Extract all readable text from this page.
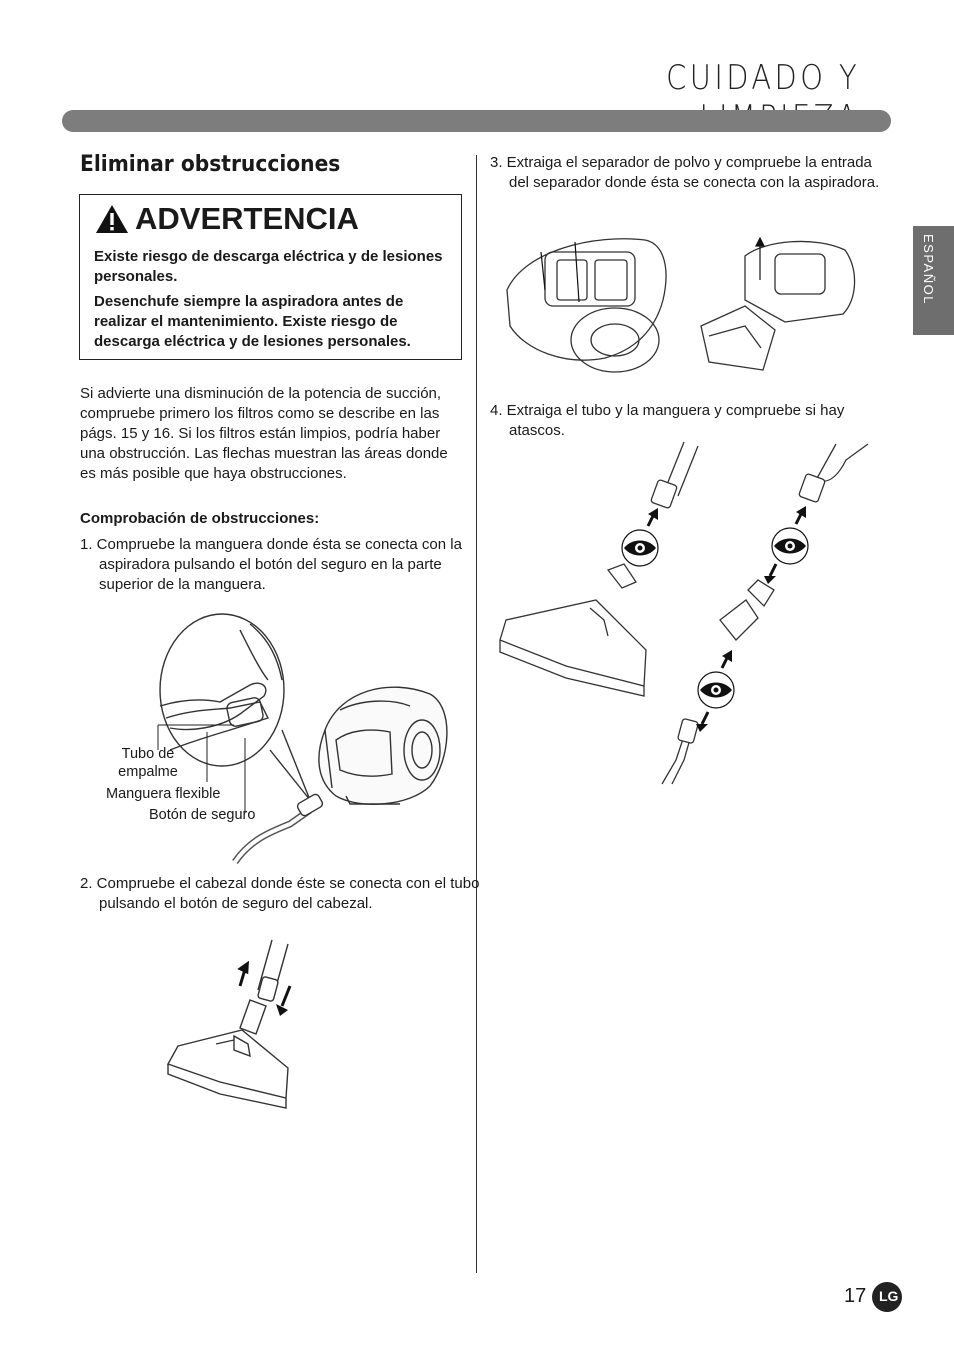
CUIDADO Y
ESPAÑOL
Eliminar obstrucciones
ADVERTENCIA
Existe riesgo de descarga eléctrica y de lesiones personales.
Desenchufe siempre la aspiradora antes de realizar el mantenimiento. Existe riesgo de descarga eléctrica y de lesiones personales.
Si advierte una disminución de la potencia de succión, compruebe primero los filtros como se describe en las págs. 15 y 16. Si los filtros están limpios, podría haber una obstrucción. Las flechas muestran las áreas donde es más posible que haya obstrucciones.
Comprobación de obstrucciones:
1. Compruebe la manguera donde ésta se conecta con la aspiradora pulsando el botón del seguro en la parte superior de la manguera.
Tubo de
empalme
Manguera flexible
Botón de seguro
2. Compruebe el cabezal donde éste se conecta con el tubo pulsando el botón de seguro del cabezal.
3. Extraiga el separador de polvo y compruebe la entrada del separador donde ésta se conecta con la aspiradora.
4. Extraiga el tubo y la manguera y compruebe si hay atascos.
17 LG
